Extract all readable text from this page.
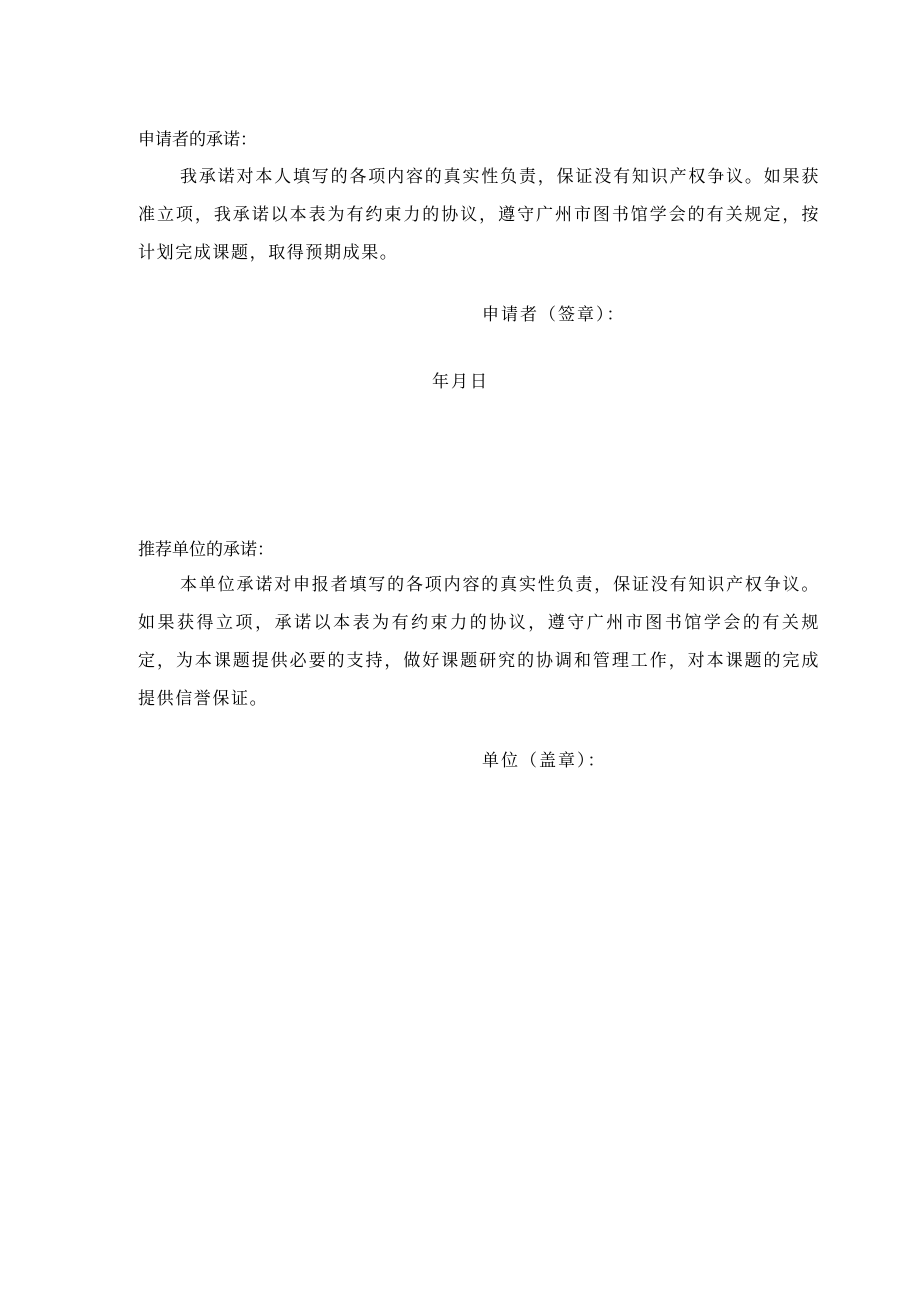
申请者的承诺：

我承诺对本人填写的各项内容的真实性负责，保证没有知识产权争议。如果获准立项，我承诺以本表为有约束力的协议，遵守广州市图书馆学会的有关规定，按计划完成课题，取得预期成果。

申请者（签章）：
年月日
推荐单位的承诺：

本单位承诺对申报者填写的各项内容的真实性负责，保证没有知识产权争议。如果获得立项，承诺以本表为有约束力的协议，遵守广州市图书馆学会的有关规定，为本课题提供必要的支持，做好课题研究的协调和管理工作，对本课题的完成提供信誉保证。

单位（盖章）：
